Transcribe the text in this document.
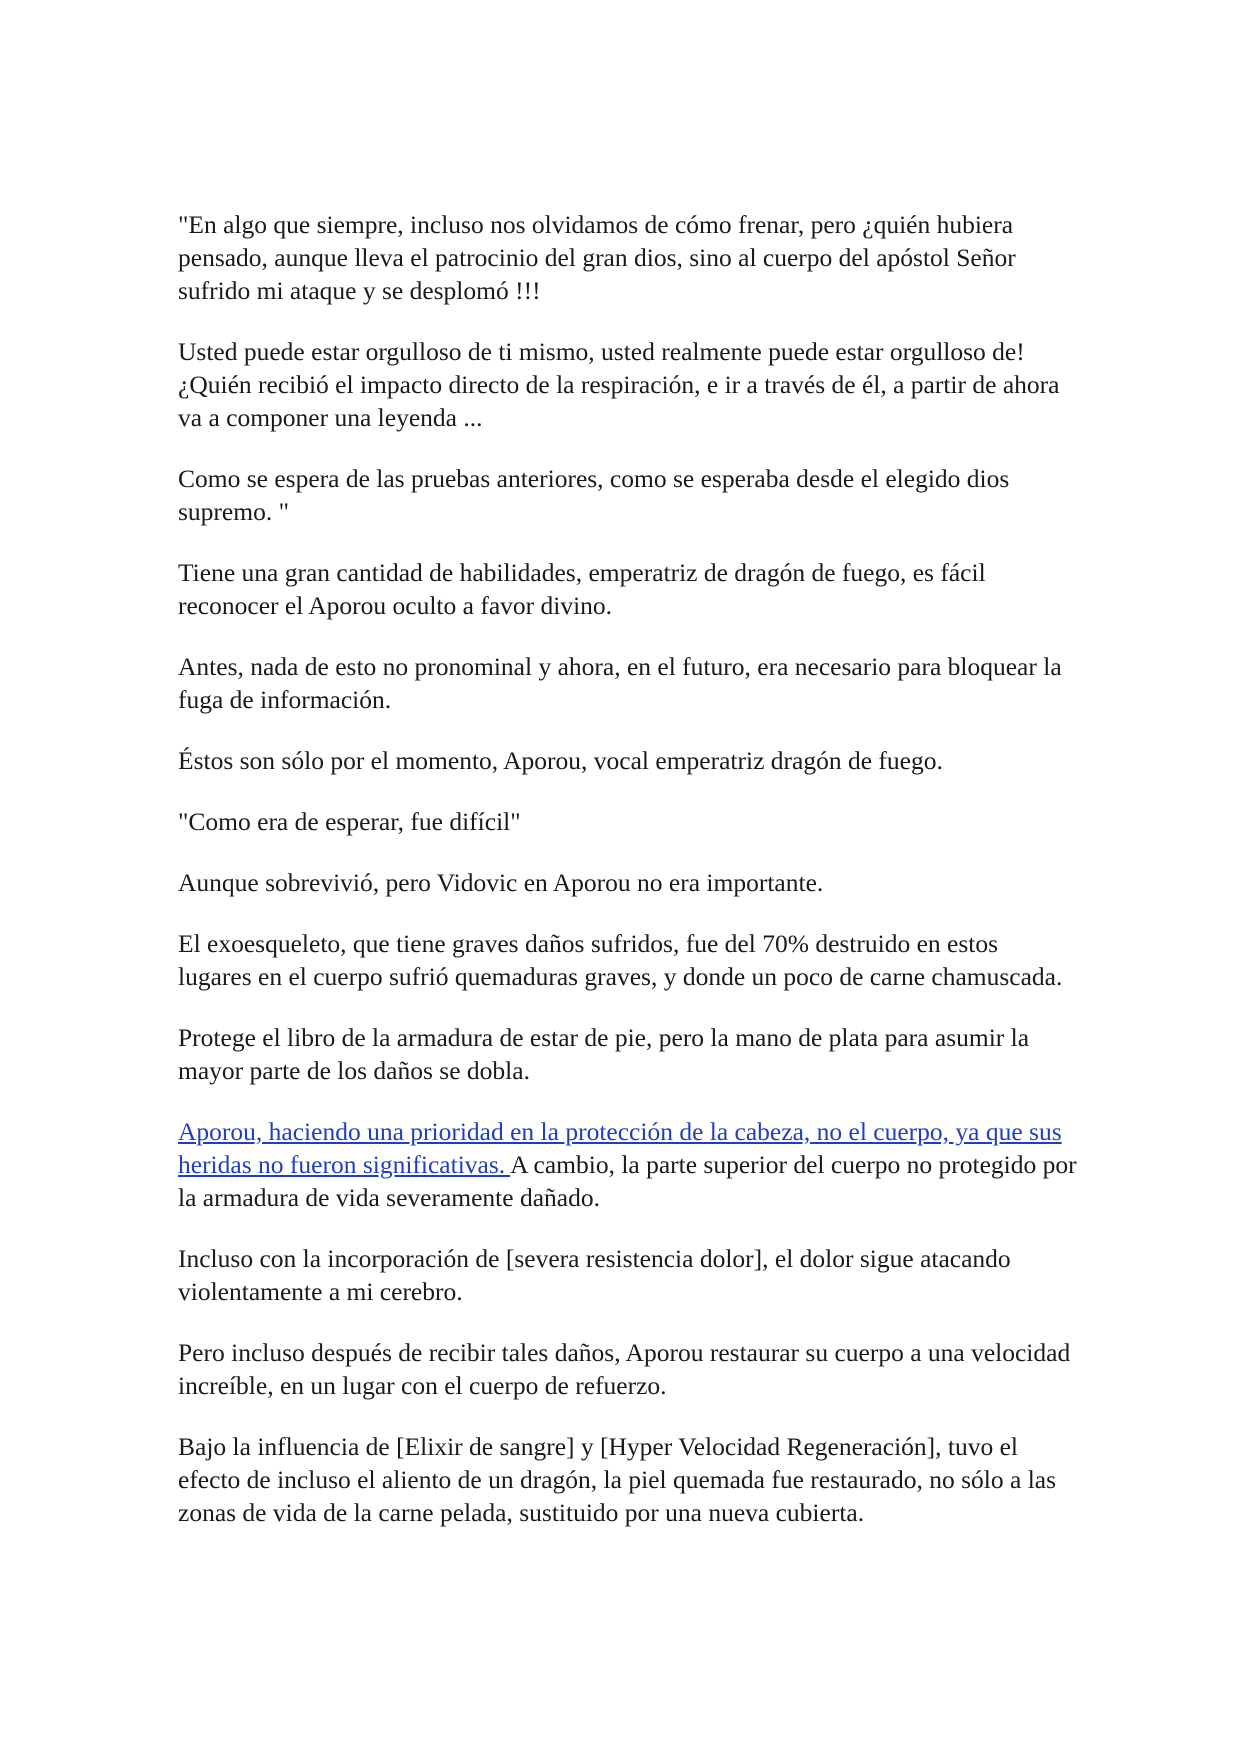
"En algo que siempre, incluso nos olvidamos de cómo frenar, pero ¿quién hubiera pensado, aunque lleva el patrocinio del gran dios, sino al cuerpo del apóstol Señor sufrido mi ataque y se desplomó !!!

Usted puede estar orgulloso de ti mismo, usted realmente puede estar orgulloso de! ¿Quién recibió el impacto directo de la respiración, e ir a través de él, a partir de ahora va a componer una leyenda ...

Como se espera de las pruebas anteriores, como se esperaba desde el elegido dios supremo. "

Tiene una gran cantidad de habilidades, emperatriz de dragón de fuego, es fácil reconocer el Aporou oculto a favor divino.

Antes, nada de esto no pronominal y ahora, en el futuro, era necesario para bloquear la fuga de información.

Éstos son sólo por el momento, Aporou, vocal emperatriz dragón de fuego.

"Como era de esperar, fue difícil"

Aunque sobrevivió, pero Vidovic en Aporou no era importante.

El exoesqueleto, que tiene graves daños sufridos, fue del 70% destruido en estos lugares en el cuerpo sufrió quemaduras graves, y donde un poco de carne chamuscada.

Protege el libro de la armadura de estar de pie, pero la mano de plata para asumir la mayor parte de los daños se dobla.

Aporou, haciendo una prioridad en la protección de la cabeza, no el cuerpo, ya que sus heridas no fueron significativas. A cambio, la parte superior del cuerpo no protegido por la armadura de vida severamente dañado.

Incluso con la incorporación de [severa resistencia dolor], el dolor sigue atacando violentamente a mi cerebro.

Pero incluso después de recibir tales daños, Aporou restaurar su cuerpo a una velocidad increíble, en un lugar con el cuerpo de refuerzo.

Bajo la influencia de [Elixir de sangre] y [Hyper Velocidad Regeneración], tuvo el efecto de incluso el aliento de un dragón, la piel quemada fue restaurado, no sólo a las zonas de vida de la carne pelada, sustituido por una nueva cubierta.
